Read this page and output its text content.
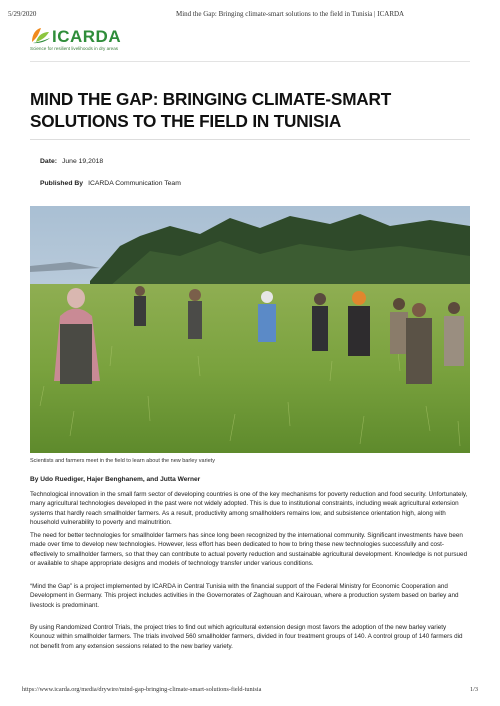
5/29/2020	Mind the Gap: Bringing climate-smart solutions to the field in Tunisia | ICARDA
ICARDA
Science for resilient livelihoods in dry areas
MIND THE GAP: BRINGING CLIMATE-SMART SOLUTIONS TO THE FIELD IN TUNISIA
Date: June 19,2018
Published By ICARDA Communication Team
Scientists and farmers meet in the field to learn about the new barley variety
By Udo Ruediger, Hajer Benghanem, and Jutta Werner

Technological innovation in the small farm sector of developing countries is one of the key mechanisms for poverty reduction and food security. Unfortunately, many agricultural technologies developed in the past were not widely adopted. This is due to institutional constraints, including weak agricultural extension systems that hardly reach smallholder farmers. As a result, productivity among smallholders remains low, and subsistence orientation high, along with household vulnerability to poverty and malnutrition.

The need for better technologies for smallholder farmers has since long been recognized by the international community. Significant investments have been made over time to develop new technologies. However, less effort has been dedicated to how to bring these new technologies successfully and cost-effectively to smallholder farmers, so that they can contribute to actual poverty reduction and sustainable agricultural development. Knowledge is not pursued or available to shape appropriate designs and models of technology transfer under various conditions.

“Mind the Gap” is a project implemented by ICARDA in Central Tunisia with the financial support of the Federal Ministry for Economic Cooperation and Development in Germany. This project includes activities in the Governorates of Zaghouan and Kairouan, where a production system based on barley and livestock is predominant.

By using Randomized Control Trials, the project tries to find out which agricultural extension design most favors the adoption of the new barley variety Kounouz within smallholder farmers. The trials involved 560 smallholder farmers, divided in four treatment groups of 140. A control group of 140 farmers did not benefit from any extension sessions related to the new barley variety.

https://www.icarda.org/media/drywire/mind-gap-bringing-climate-smart-solutions-field-tunisia	1/3
